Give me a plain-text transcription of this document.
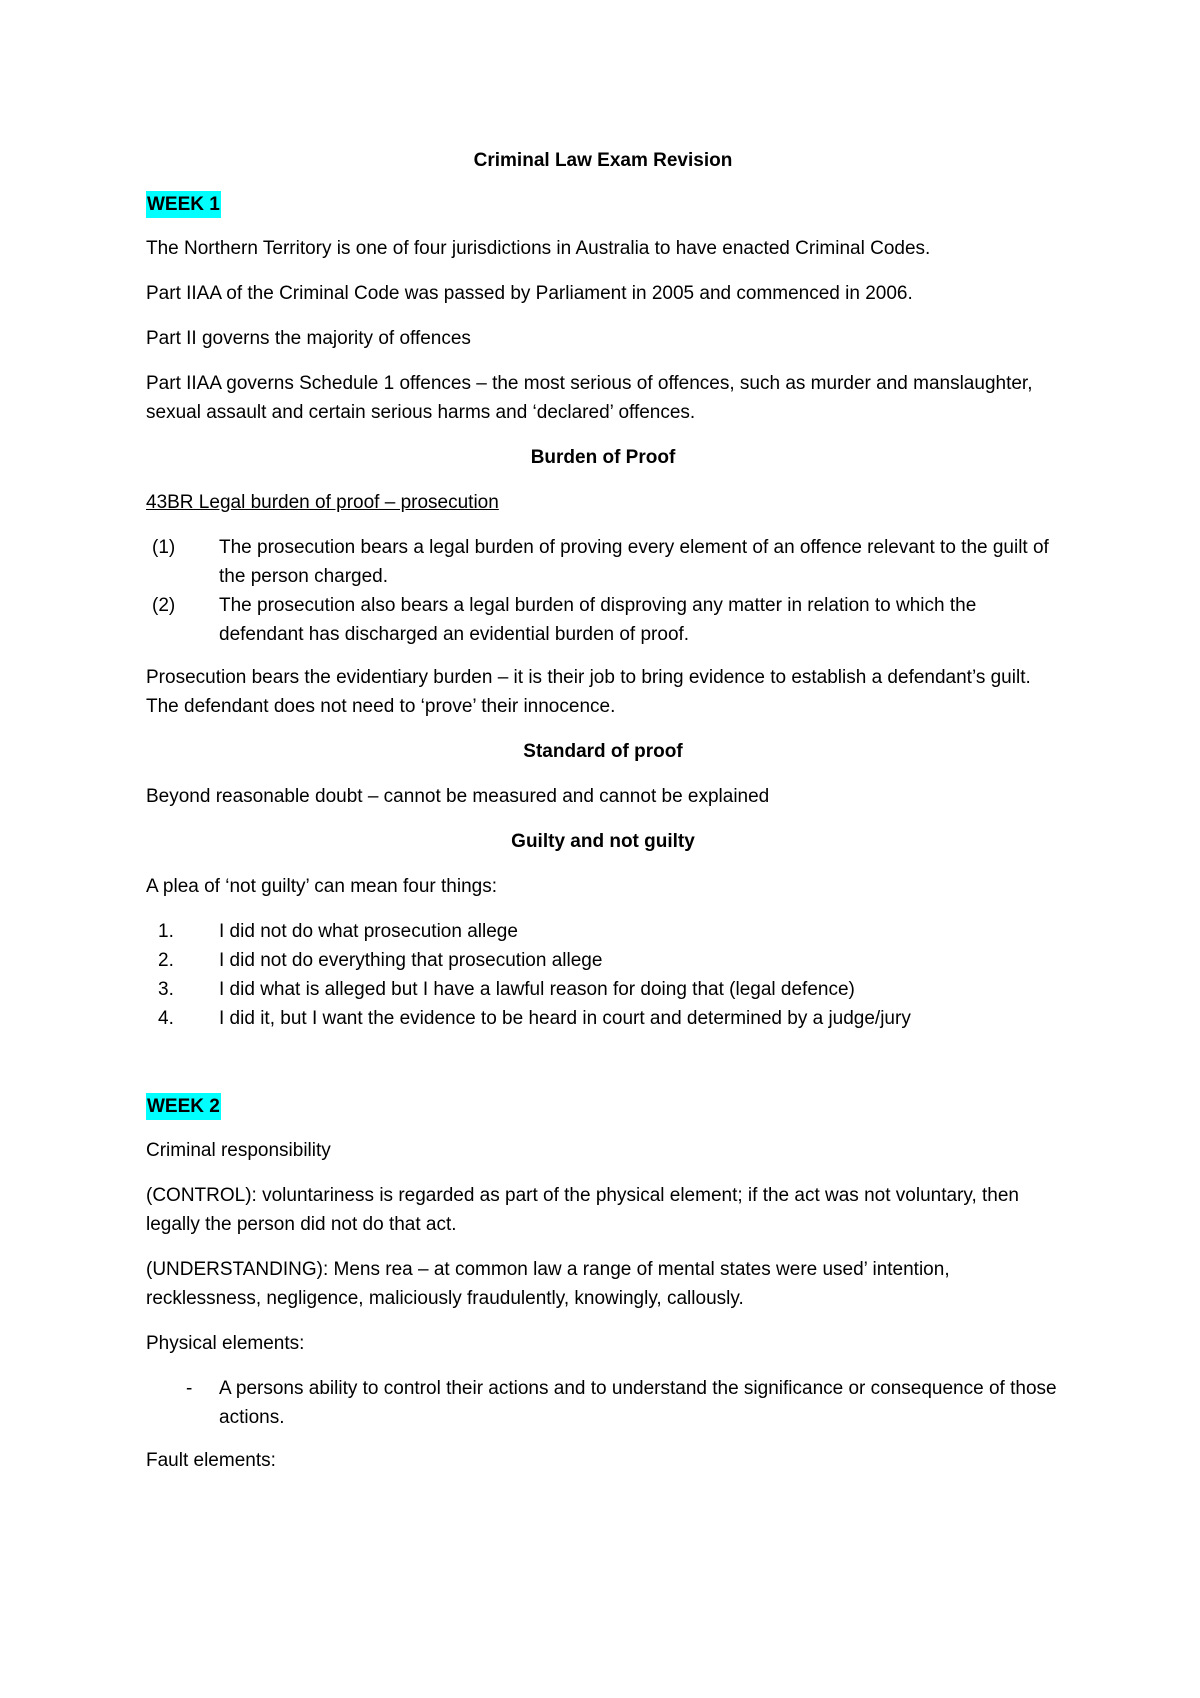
Criminal Law Exam Revision

WEEK 1

The Northern Territory is one of four jurisdictions in Australia to have enacted Criminal Codes.

Part IIAA of the Criminal Code was passed by Parliament in 2005 and commenced in 2006.

Part II governs the majority of offences

Part IIAA governs Schedule 1 offences – the most serious of offences, such as murder and manslaughter, sexual assault and certain serious harms and ‘declared’ offences.

Burden of Proof

43BR Legal burden of proof – prosecution

(1) The prosecution bears a legal burden of proving every element of an offence relevant to the guilt of the person charged.
(2) The prosecution also bears a legal burden of disproving any matter in relation to which the defendant has discharged an evidential burden of proof.

Prosecution bears the evidentiary burden – it is their job to bring evidence to establish a defendant’s guilt. The defendant does not need to ‘prove’ their innocence.

Standard of proof

Beyond reasonable doubt – cannot be measured and cannot be explained

Guilty and not guilty

A plea of ‘not guilty’ can mean four things:

1. I did not do what prosecution allege
2. I did not do everything that prosecution allege
3. I did what is alleged but I have a lawful reason for doing that (legal defence)
4. I did it, but I want the evidence to be heard in court and determined by a judge/jury
WEEK 2

Criminal responsibility

(CONTROL): voluntariness is regarded as part of the physical element; if the act was not voluntary, then legally the person did not do that act.

(UNDERSTANDING): Mens rea – at common law a range of mental states were used’ intention, recklessness, negligence, maliciously fraudulently, knowingly, callously.

Physical elements:

- A persons ability to control their actions and to understand the significance or consequence of those actions.

Fault elements:
